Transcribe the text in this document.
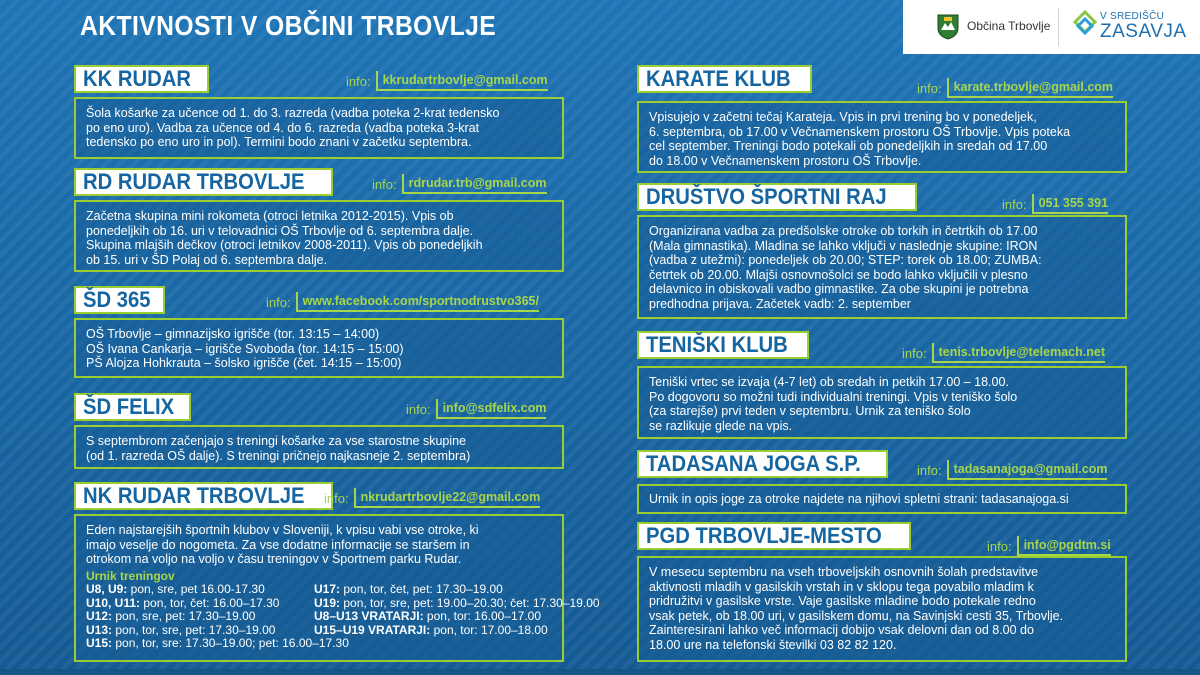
AKTIVNOSTI V OBČINI TRBOVLJE	Občina Trbovlje
V SREDIŠČU
ZASAVJA
KK RUDAR	info: kkrudartrbovlje@gmail.com

Šola košarke za učence od 1. do 3. razreda (vadba poteka 2-krat tedensko
po eno uro). Vadba za učence od 4. do 6. razreda (vadba poteka 3-krat
tedensko po eno uro in pol). Termini bodo znani v začetku septembra.

RD RUDAR TRBOVLJE	info: rdrudar.trb@gmail.com

Začetna skupina mini rokometa (otroci letnika 2012-2015). Vpis ob
ponedeljkih ob 16. uri v telovadnici OŠ Trbovlje od 6. septembra dalje.
Skupina mlajših dečkov (otroci letnikov 2008-2011). Vpis ob ponedeljkih
ob 15. uri v ŠD Polaj od 6. septembra dalje.

ŠD 365	info: www.facebook.com/sportnodrustvo365/

OŠ Trbovlje – gimnazijsko igrišče (tor. 13:15 – 14:00)
OŠ Ivana Cankarja – igrišče Svoboda (tor. 14:15 – 15:00)
PŠ Alojza Hohkrauta – šolsko igrišče (čet. 14:15 – 15:00)

ŠD FELIX	info: info@sdfelix.com

S septembrom začenjajo s treningi košarke za vse starostne skupine
(od 1. razreda OŠ dalje). S treningi pričnejo najkasneje 2. septembra)

NK RUDAR TRBOVLJE info: nkrudartrbovlje22@gmail.com

Eden najstarejših športnih klubov v Sloveniji, k vpisu vabi vse otroke, ki
imajo veselje do nogometa. Za vse dodatne informacije se staršem in
otrokom na voljo na voljo v času treningov v Športnem parku Rudar.

Urnik treningov
U8, U9: pon, sre, pet 16.00-17.30
U10, U11: pon, tor, čet: 16.00–17.30
U12: pon, sre, pet: 17.30–19.00
U13: pon, tor, sre, pet: 17.30–19.00
U15: pon, tor, sre: 17.30–19.00; pet: 16.00–17.30
U17: pon, tor, čet, pet: 17.30–19.00
U19: pon, tor, sre, pet: 19.00–20.30; čet: 17.30–19.00
U8–U13 VRATARJI: pon, tor: 16.00–17.00
U15–U19 VRATARJI: pon, tor: 17.00–18.00
KARATE KLUB	info: karate.trbovlje@gmail.com

Vpisujejo v začetni tečaj Karateja. Vpis in prvi trening bo v ponedeljek,
6. septembra, ob 17.00 v Večnamenskem prostoru OŠ Trbovlje. Vpis poteka
cel september. Treningi bodo potekali ob ponedeljkih in sredah od 17.00
do 18.00 v Večnamenskem prostoru OŠ Trbovlje.

DRUŠTVO ŠPORTNI RAJ	info: 051 355 391

Organizirana vadba za predšolske otroke ob torkih in četrtkih ob 17.00
(Mala gimnastika). Mladina se lahko vključi v naslednje skupine: IRON
(vadba z utežmi): ponedeljek ob 20.00; STEP: torek ob 18.00; ZUMBA:
četrtek ob 20.00. Mlajši osnovnošolci se bodo lahko vključili v plesno
delavnico in obiskovali vadbo gimnastike. Za obe skupini je potrebna
predhodna prijava. Začetek vadb: 2. september

TENIŠKI KLUB	info: tenis.trbovlje@telemach.net

Teniški vrtec se izvaja (4-7 let) ob sredah in petkih 17.00 – 18.00.
Po dogovoru so možni tudi individualni treningi. Vpis v teniško šolo
(za starejše) prvi teden v septembru. Urnik za teniško šolo
se razlikuje glede na vpis.

TADASANA JOGA S.P.	info: tadasanajoga@gmail.com

Urnik in opis joge za otroke najdete na njihovi spletni strani: tadasanajoga.si

PGD TRBOVLJE-MESTO	info: info@pgdtm.si

V mesecu septembru na vseh trboveljskih osnovnih šolah predstavitve
aktivnosti mladih v gasilskih vrstah in v sklopu tega povabilo mladim k
pridružitvi v gasilske vrste. Vaje gasilske mladine bodo potekale redno
vsak petek, ob 18.00 uri, v gasilskem domu, na Savinjski cesti 35, Trbovlje.
Zainteresirani lahko več informacij dobijo vsak delovni dan od 8.00 do
18.00 ure na telefonski številki 03 82 82 120.
